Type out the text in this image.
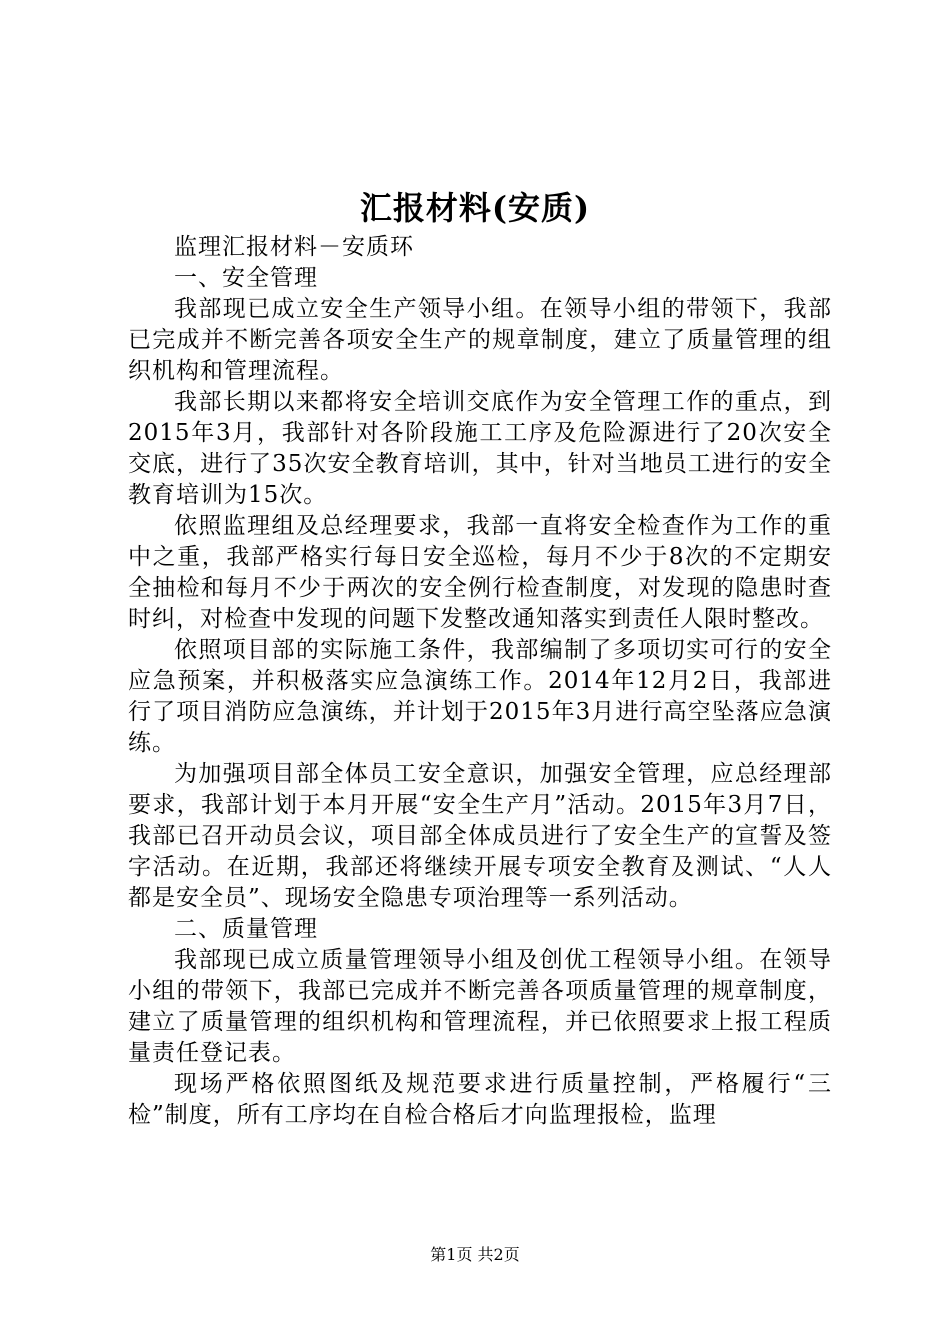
汇报材料(安质)

监理汇报材料－安质环

一、安全管理

我部现已成立安全生产领导小组。在领导小组的带领下，我部已完成并不断完善各项安全生产的规章制度，建立了质量管理的组织机构和管理流程。

我部长期以来都将安全培训交底作为安全管理工作的重点，到2015年3月，我部针对各阶段施工工序及危险源进行了20次安全交底，进行了35次安全教育培训，其中，针对当地员工进行的安全教育培训为15次。

依照监理组及总经理要求，我部一直将安全检查作为工作的重中之重，我部严格实行每日安全巡检，每月不少于8次的不定期安全抽检和每月不少于两次的安全例行检查制度，对发现的隐患时查时纠，对检查中发现的问题下发整改通知落实到责任人限时整改。

依照项目部的实际施工条件，我部编制了多项切实可行的安全应急预案，并积极落实应急演练工作。2014年12月2日，我部进行了项目消防应急演练，并计划于2015年3月进行高空坠落应急演练。

为加强项目部全体员工安全意识，加强安全管理，应总经理部要求，我部计划于本月开展“安全生产月”活动。2015年3月7日，我部已召开动员会议，项目部全体成员进行了安全生产的宣誓及签字活动。在近期，我部还将继续开展专项安全教育及测试、“人人都是安全员”、现场安全隐患专项治理等一系列活动。

二、质量管理

我部现已成立质量管理领导小组及创优工程领导小组。在领导小组的带领下，我部已完成并不断完善各项质量管理的规章制度，建立了质量管理的组织机构和管理流程，并已依照要求上报工程质量责任登记表。

现场严格依照图纸及规范要求进行质量控制，严格履行“三检”制度，所有工序均在自检合格后才向监理报检，监理

第1页 共2页
